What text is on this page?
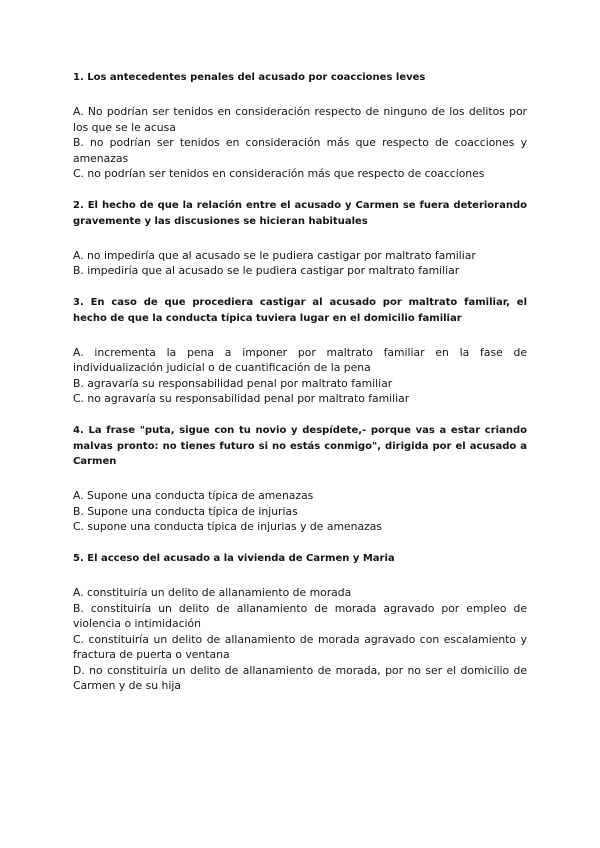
1. Los antecedentes penales del acusado por coacciones leves
A. No podrían ser tenidos en consideración respecto de ninguno de los delitos por
los que se le acusa
B. no podrían ser tenidos en consideración más que respecto de coacciones y
amenazas
C. no podrían ser tenidos en consideración más que respecto de coacciones
2. El hecho de que la relación entre el acusado y Carmen se fuera deteriorando
gravemente y las discusiones se hicieran habituales
A. no impediría que al acusado se le pudiera castigar por maltrato familiar
B. impediría que al acusado se le pudiera castigar por maltrato familiar
3. En caso de que procediera castigar al acusado por maltrato familiar, el
hecho de que la conducta típica tuviera lugar en el domicilio familiar
A. incrementa la pena a imponer por maltrato familiar en la fase de
individualización judicial o de cuantificación de la pena
B. agravaría su responsabilidad penal por maltrato familiar
C. no agravaría su responsabilidad penal por maltrato familiar
4. La frase "puta, sigue con tu novio y despídete,- porque vas a estar criando
malvas pronto: no tienes futuro si no estás conmigo", dirigida por el acusado a
Carmen
A. Supone una conducta típica de amenazas
B. Supone una conducta típica de injurias
C. supone una conducta típica de injurias y de amenazas
5. El acceso del acusado a la vivienda de Carmen y Maria
A. constituiría un delito de allanamiento de morada
B. constituiría un delito de allanamiento de morada agravado por empleo de
violencia o intimidación
C. constituiría un delito de allanamiento de morada agravado con escalamiento y
fractura de puerta o ventana
D. no constituiría un delito de allanamiento de morada, por no ser el domicilio de
Carmen y de su hija
